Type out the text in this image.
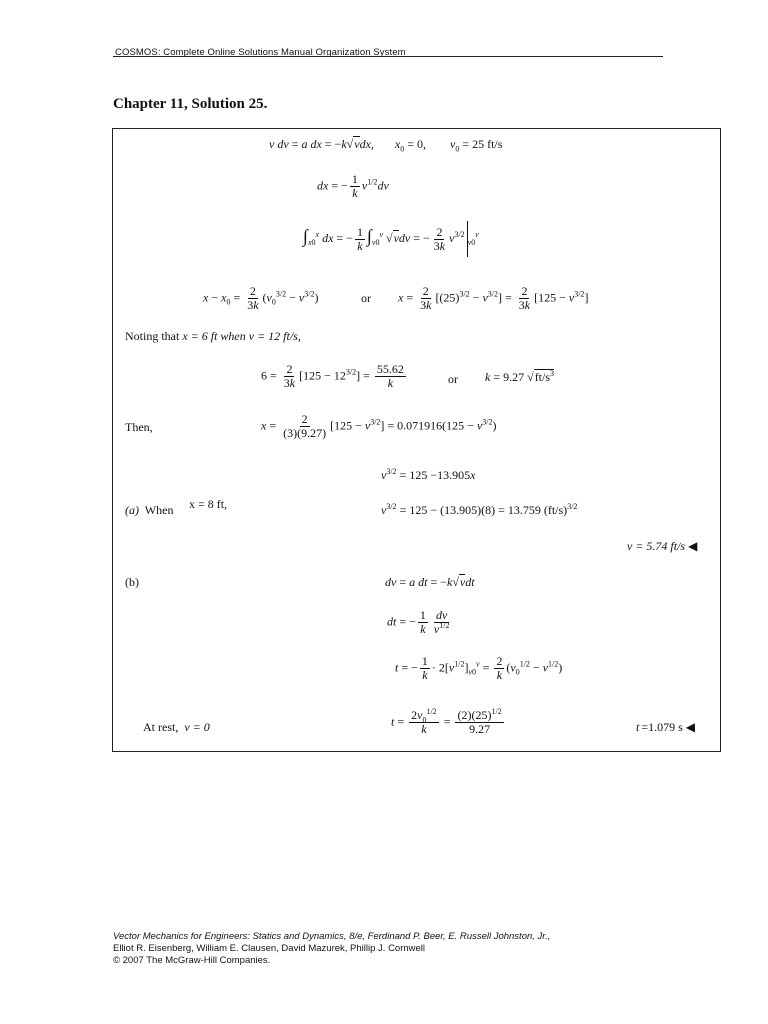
COSMOS: Complete Online Solutions Manual Organization System
Chapter 11, Solution 25.
v dv = a dx = −k√vdx,       $x_0 = 0$,        $v_0 = 25$ ft/s
dx = − $\frac{1}{k} v^{1/2}dv$
$\int_{x0}^x$ dx = − $\frac{1}{k} \int_{v0}^v$ √vdv = − $\frac{2}{3k} v^{3/2}_{v0}^v$
$x - x_0 = \frac{2}{3k} (v_0^{3/2} - v^{3/2})$	or $x = \frac{2}{3k} [(25)^{3/2} - v^{3/2}] = \frac{2}{3k} [125 - v^{3/2}]$
Noting that x = 6 ft when v = 12 ft/s,
$6 = \frac{2}{3k} [125 - 12^{3/2}] = \frac{55.62}{k}$	or k = 9.27 $√ft/s^3$
Then,	$x = \frac{2}{(3)(9.27)} [125 - v^{3/2}] = 0.071916(125 - v^{3/2})$
$v^{3/2} = 125 -13.905x$
(a) When x = 8 ft,	$v^{3/2} = 125 - (13.905)(8) = 13.759$ $(ft/s)^{3/2}$
v = 5.74 ft/s ◀
(b)	dv = a dt = −k√vdt
dt = − $\frac{1}{k} \frac{dv}{v^{1/2}}$
t = − $\frac{1}{k} \cdot 2[v^{1/2}]_{v0}^v = \frac{2}{k} (v_0^{1/2} - v^{1/2})$
At rest, v = 0	$t = \frac{2v_0^{1/2}}{k} = \frac{(2)(25)^{1/2}}{9.27}$	t =1.079 s ◀
Vector Mechanics for Engineers: Statics and Dynamics, 8/e, Ferdinand P. Beer, E. Russell Johnston, Jr.,
Elliot R. Eisenberg, William E. Clausen, David Mazurek, Phillip J. Cornwell
© 2007 The McGraw-Hill Companies.
